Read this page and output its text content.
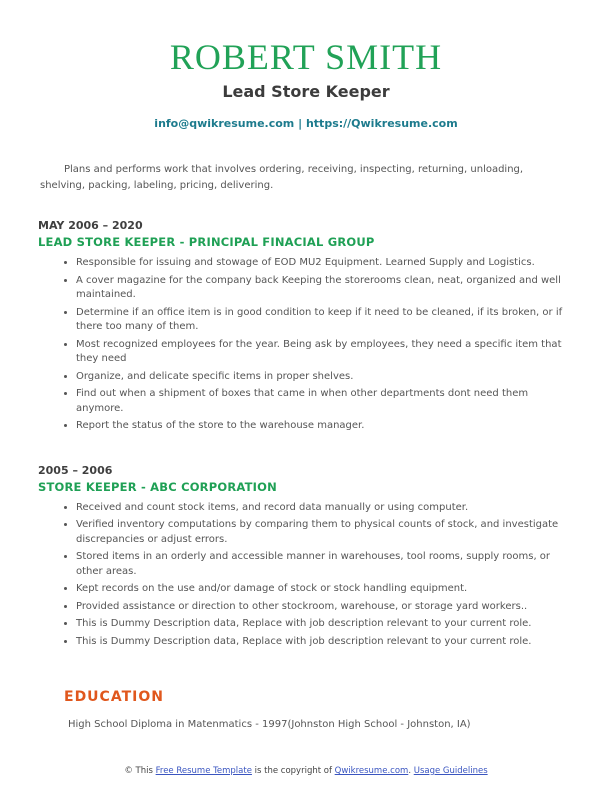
ROBERT SMITH
Lead Store Keeper
info@qwikresume.com | https://Qwikresume.com

Plans and performs work that involves ordering, receiving, inspecting, returning, unloading, shelving, packing, labeling, pricing, delivering.

MAY 2006 – 2020
LEAD STORE KEEPER - PRINCIPAL FINACIAL GROUP
• Responsible for issuing and stowage of EOD MU2 Equipment. Learned Supply and Logistics.
• A cover magazine for the company back Keeping the storerooms clean, neat, organized and well maintained.
• Determine if an office item is in good condition to keep if it need to be cleaned, if its broken, or if there too many of them.
• Most recognized employees for the year. Being ask by employees, they need a specific item that they need
• Organize, and delicate specific items in proper shelves.
• Find out when a shipment of boxes that came in when other departments dont need them anymore.
• Report the status of the store to the warehouse manager.
2005 – 2006
STORE KEEPER - ABC CORPORATION
• Received and count stock items, and record data manually or using computer.
• Verified inventory computations by comparing them to physical counts of stock, and investigate discrepancies or adjust errors.
• Stored items in an orderly and accessible manner in warehouses, tool rooms, supply rooms, or other areas.
• Kept records on the use and/or damage of stock or stock handling equipment.
• Provided assistance or direction to other stockroom, warehouse, or storage yard workers..
• This is Dummy Description data, Replace with job description relevant to your current role.
• This is Dummy Description data, Replace with job description relevant to your current role.
EDUCATION
High School Diploma in Matenmatics - 1997(Johnston High School - Johnston, IA)
© This Free Resume Template is the copyright of Qwikresume.com. Usage Guidelines
